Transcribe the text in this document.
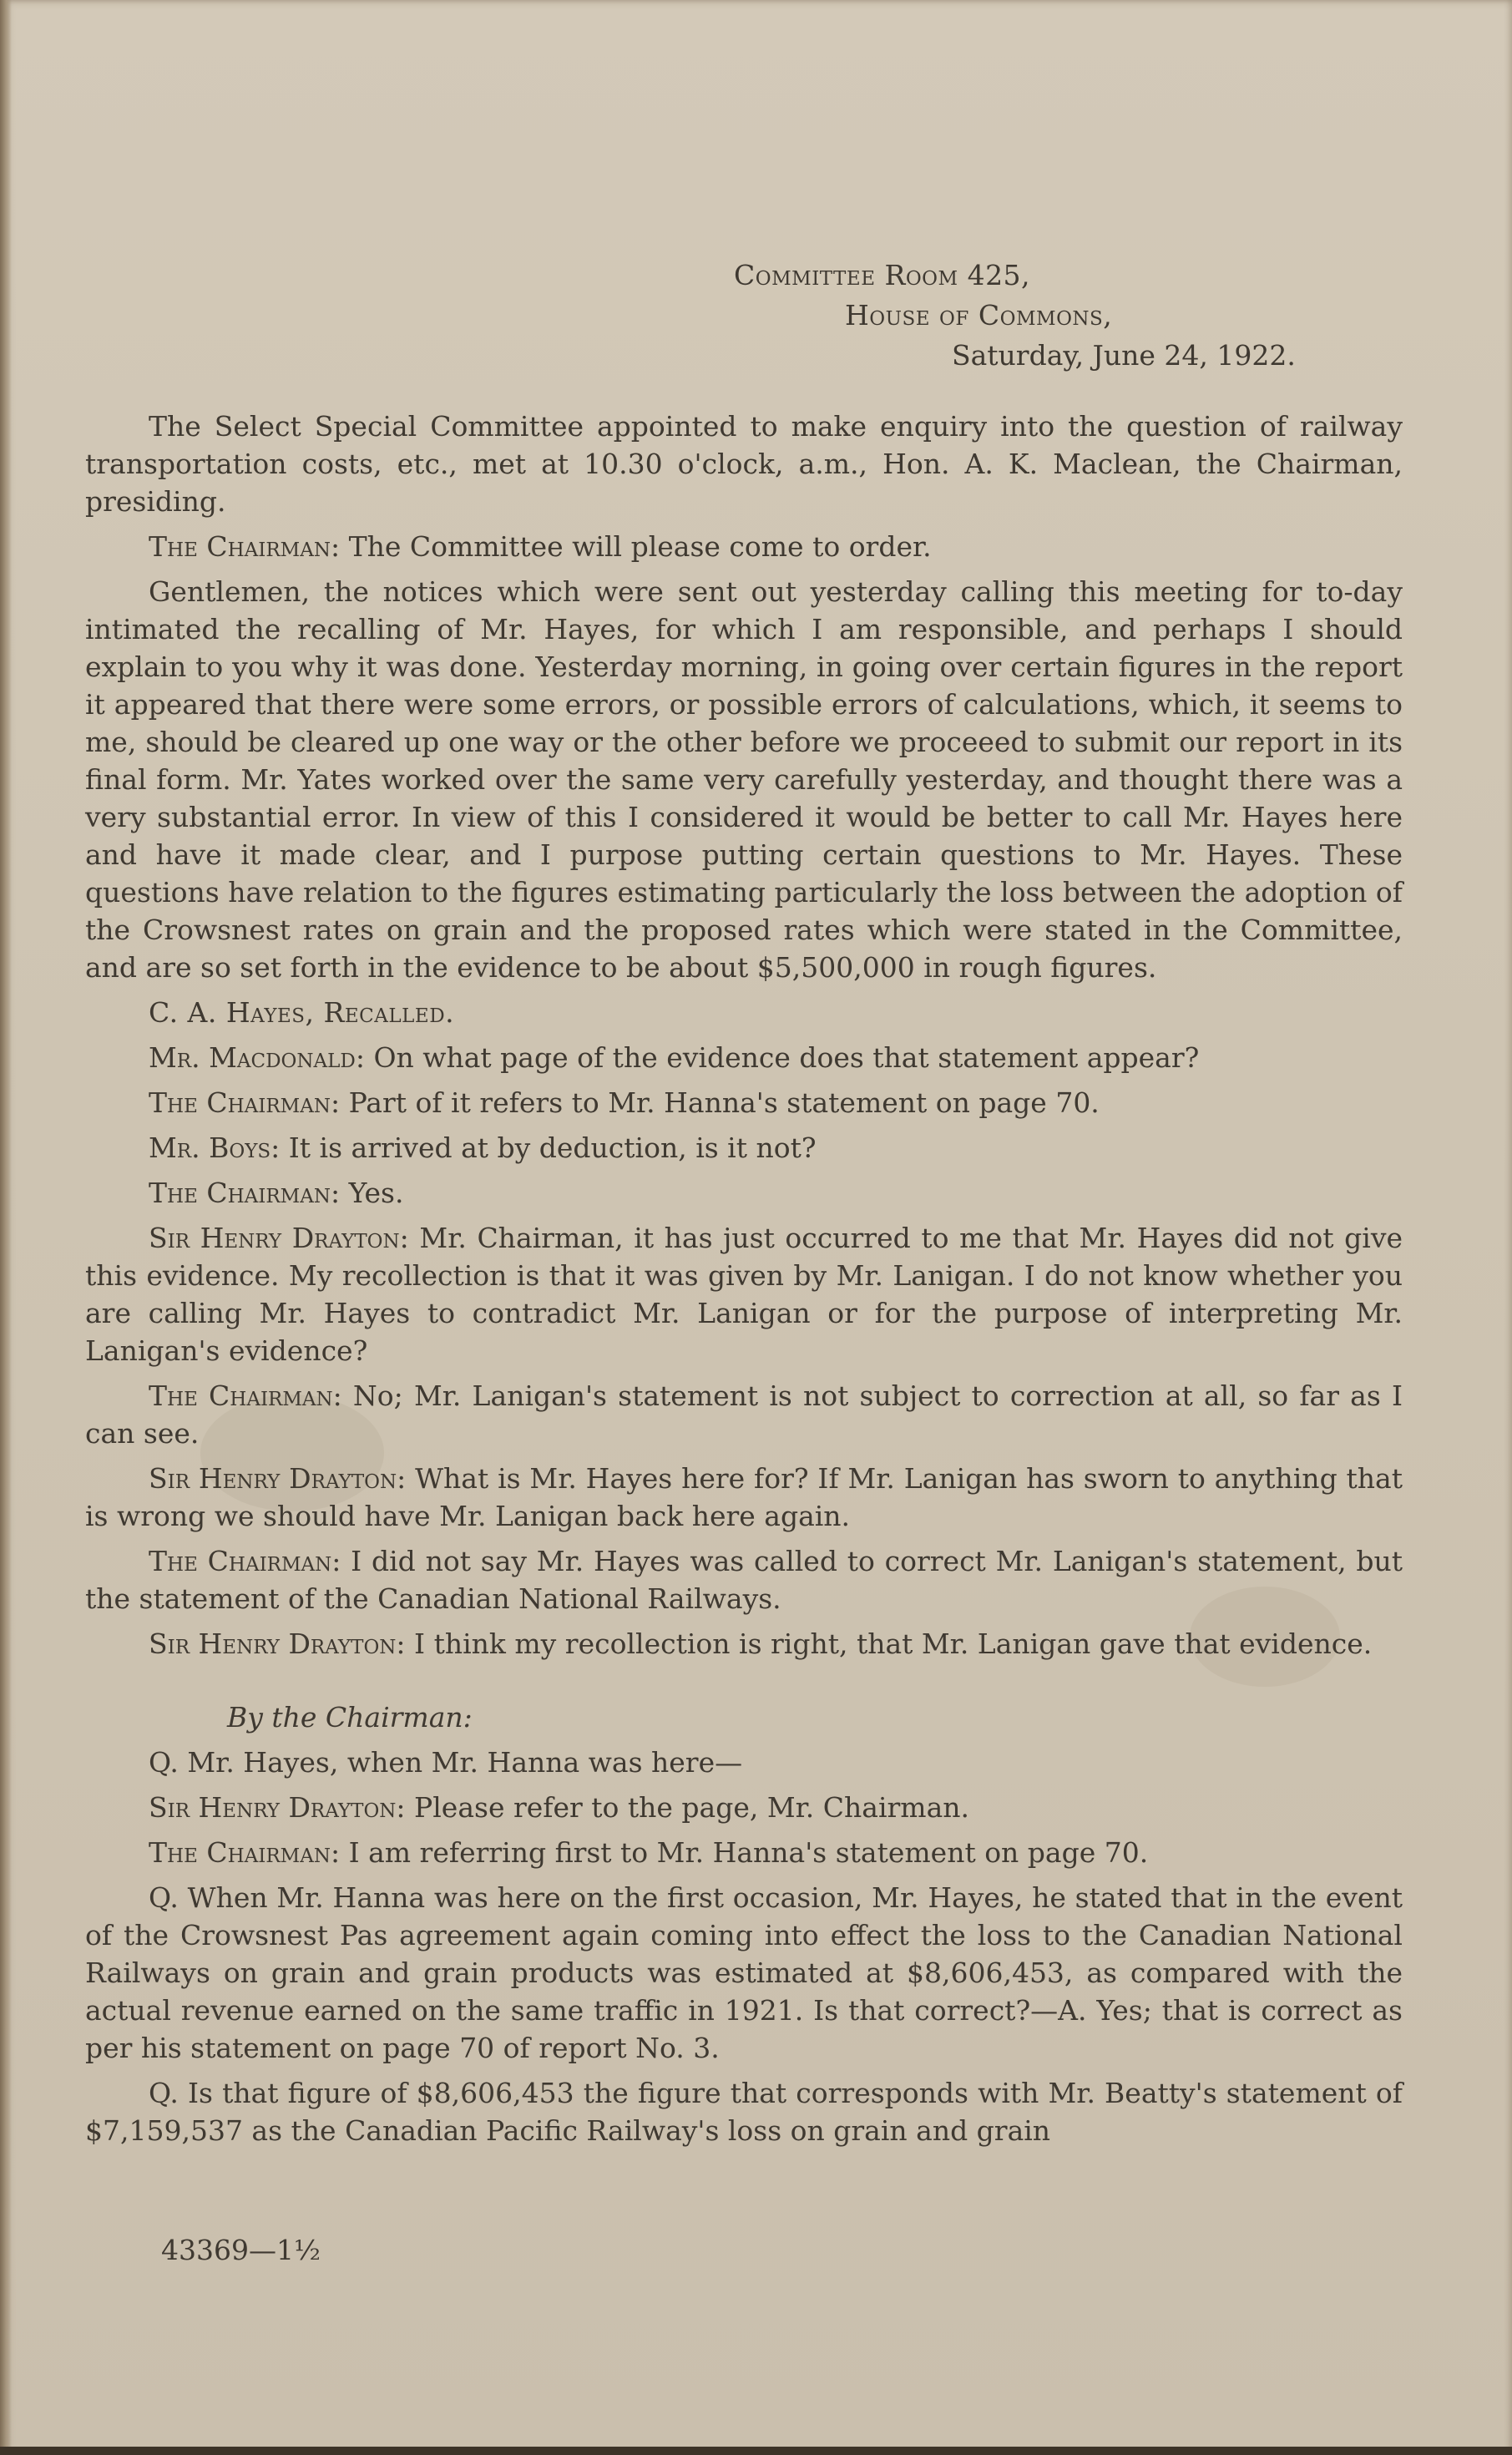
Committee Room 425,
House of Commons,
Saturday, June 24, 1922.

The Select Special Committee appointed to make enquiry into the question of railway transportation costs, etc., met at 10.30 o'clock, a.m., Hon. A. K. Maclean, the Chairman, presiding.

The Chairman: The Committee will please come to order.

Gentlemen, the notices which were sent out yesterday calling this meeting for to-day intimated the recalling of Mr. Hayes, for which I am responsible, and perhaps I should explain to you why it was done. Yesterday morning, in going over certain figures in the report it appeared that there were some errors, or possible errors of calculations, which, it seems to me, should be cleared up one way or the other before we proceeed to submit our report in its final form. Mr. Yates worked over the same very carefully yesterday, and thought there was a very substantial error. In view of this I considered it would be better to call Mr. Hayes here and have it made clear, and I purpose putting certain questions to Mr. Hayes. These questions have relation to the figures estimating particularly the loss between the adoption of the Crowsnest rates on grain and the proposed rates which were stated in the Committee, and are so set forth in the evidence to be about $5,500,000 in rough figures.

C. A. Hayes, Recalled.

Mr. Macdonald: On what page of the evidence does that statement appear?

The Chairman: Part of it refers to Mr. Hanna's statement on page 70.

Mr. Boys: It is arrived at by deduction, is it not?

The Chairman: Yes.

Sir Henry Drayton: Mr. Chairman, it has just occurred to me that Mr. Hayes did not give this evidence. My recollection is that it was given by Mr. Lanigan. I do not know whether you are calling Mr. Hayes to contradict Mr. Lanigan or for the purpose of interpreting Mr. Lanigan's evidence?

The Chairman: No; Mr. Lanigan's statement is not subject to correction at all, so far as I can see.

Sir Henry Drayton: What is Mr. Hayes here for? If Mr. Lanigan has sworn to anything that is wrong we should have Mr. Lanigan back here again.

The Chairman: I did not say Mr. Hayes was called to correct Mr. Lanigan's statement, but the statement of the Canadian National Railways.

Sir Henry Drayton: I think my recollection is right, that Mr. Lanigan gave that evidence.

By the Chairman:

Q. Mr. Hayes, when Mr. Hanna was here—

Sir Henry Drayton: Please refer to the page, Mr. Chairman.

The Chairman: I am referring first to Mr. Hanna's statement on page 70.

Q. When Mr. Hanna was here on the first occasion, Mr. Hayes, he stated that in the event of the Crowsnest Pas agreement again coming into effect the loss to the Canadian National Railways on grain and grain products was estimated at $8,606,453, as compared with the actual revenue earned on the same traffic in 1921. Is that correct?—A. Yes; that is correct as per his statement on page 70 of report No. 3.

Q. Is that figure of $8,606,453 the figure that corresponds with Mr. Beatty's statement of $7,159,537 as the Canadian Pacific Railway's loss on grain and grain

43369—1½
